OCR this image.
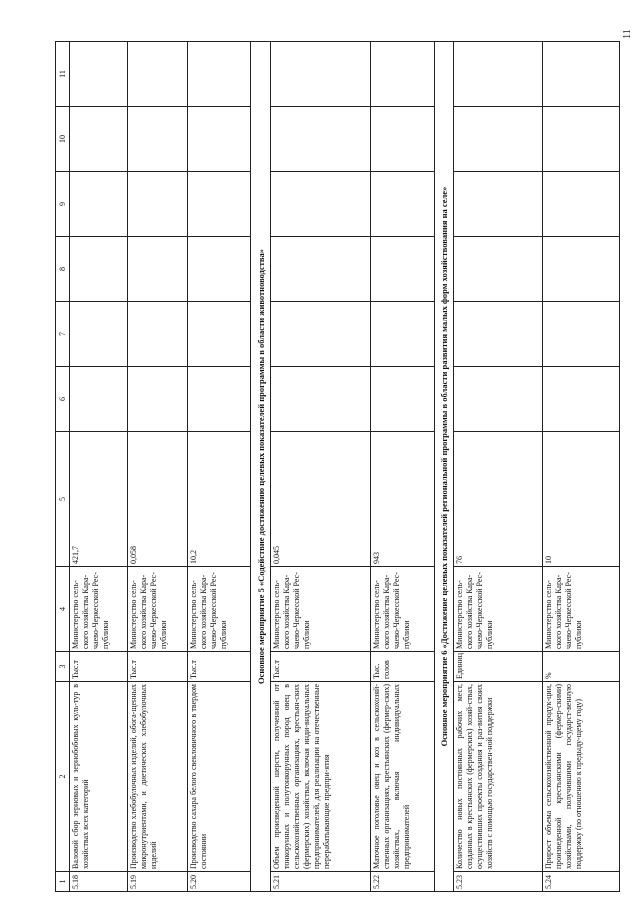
11
1	2	3	4	5	6	7	8	9	10	11
5.18	Валовой сбор зерновых и зернобобовых куль-тур в хозяйствах всех категорий	Тыс.т	Министерство сель-ского хозяйства Кара-чаево-Черкесской Рес-публики	421,7						
5.19	Производство хлебобулочных изделий, обога-щенных микронутриентами, и диетических хлебобулочных изделий	Тыс.т	Министерство сель-ского хозяйства Кара-чаево-Черкесской Рес-публики	0,058						
5.20	Производство сахара белого свекловичного в твердом состоянии	Тыс.т	Министерство сель-ского хозяйства Кара-чаево-Черкесской Рес-публики	10,2						
Основное мероприятие 5 «Содействие достижению целевых показателей программы в области животноводства»										
5.21	Объем произведенной шерсти, полученной от тонкорунных и полутонкорунных пород овец в сельскохозяйственных организациях, крестьян-ских (фермерских) хозяйствах, включая инди-видуальных предпринимателей, для реализации на отечественные перерабатывающие предпри-ятия	Тыс.т	Министерство сель-ского хозяйства Кара-чаево-Черкесской Рес-публики	0,045						
5.22	Маточное поголовье овец и коз в сельскохозяй-ственных организациях, крестьянских (фермер-ских) хозяйствах, включая индивидуальных предпринимателей	Тыс. голов	Министерство сель-ского хозяйства Кара-чаево-Черкесской Рес-публики	943						
Основное мероприятие 6 «Достижение целевых показателей региональной программы в области развития малых форм хозяйствования на селе»										
5.23	Количество новых постоянных рабочих мест, созданных в крестьянских (фермерских) хозяй-ствах, осуществивших проекты создания и раз-вития своих хозяйств с помощью государствен-ной поддержки	Единиц	Министерство сель-ского хозяйства Кара-чаево-Черкесской Рес-публики	76						
5.24	Прирост объема сельскохозяйственной продук-ции, произведенной крестьянскими (фермер-скими) хозяйствами, получившими государст-венную поддержку (по отношению к предыду-щему году)	%	Министерство сель-ского хозяйства Кара-чаево-Черкесской Рес-публики	10						
